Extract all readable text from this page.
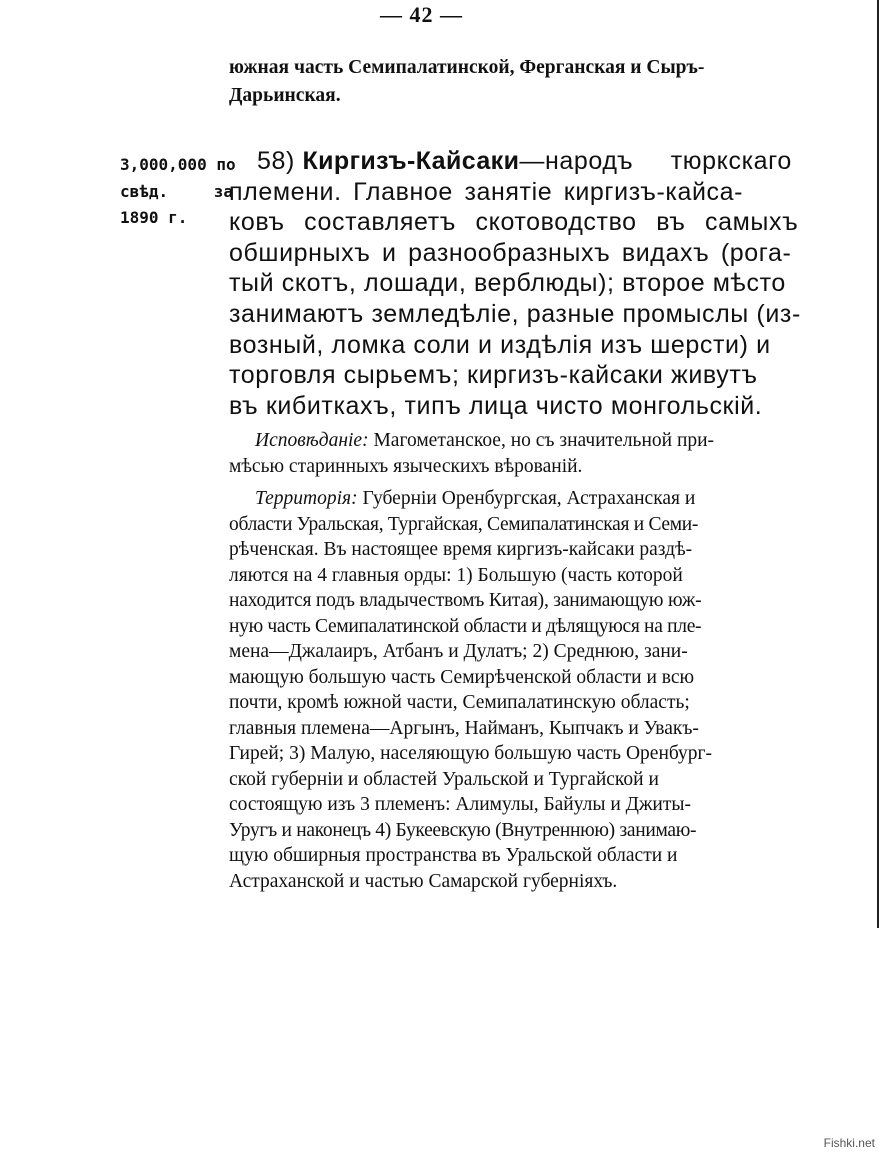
— 42 —
южная часть Семипалатинской, Ферганская и Сыръ-
Дарьинская.
3,000,000 по
свѣд. за
1890 г.
58) Киргизъ-Кайсаки—народъ тюркскаго
племени. Главное занятіе киргизъ-кайса-
ковъ составляетъ скотоводство въ самыхъ
обширныхъ и разнообразныхъ видахъ (рога-
тый скотъ, лошади, верблюды); второе мѣсто
занимаютъ земледѣліе, разные промыслы (из-
возный, ломка соли и издѣлія изъ шерсти) и
торговля сырьемъ; киргизъ-кайсаки живутъ
въ кибиткахъ, типъ лица чисто монгольскій.
Исповѣданіе: Магометанское, но съ значительной при-
мѣсью старинныхъ языческихъ вѣрованій.
Территорія: Губерніи Оренбургская, Астраханская и
области Уральская, Тургайская, Семипалатинская и Семи-
рѣченская. Въ настоящее время киргизъ-кайсаки раздѣ-
ляются на 4 главныя орды: 1) Большую (часть которой
находится подъ владычествомъ Китая), занимающую юж-
ную часть Семипалатинской области и дѣлящуюся на пле-
мена—Джалаиръ, Атбанъ и Дулатъ; 2) Среднюю, зани-
мающую большую часть Семирѣченской области и всю
почти, кромѣ южной части, Семипалатинскую область;
главныя племена—Аргынъ, Найманъ, Кыпчакъ и Увакъ-
Гирей; 3) Малую, населяющую большую часть Оренбург-
ской губерніи и областей Уральской и Тургайской и
состоящую изъ 3 племенъ: Алимулы, Байулы и Джиты-
Уругъ и наконецъ 4) Букеевскую (Внутреннюю) занимаю-
щую обширныя пространства въ Уральской области и
Астраханской и частью Самарской губерніяхъ.
Fishki.net
